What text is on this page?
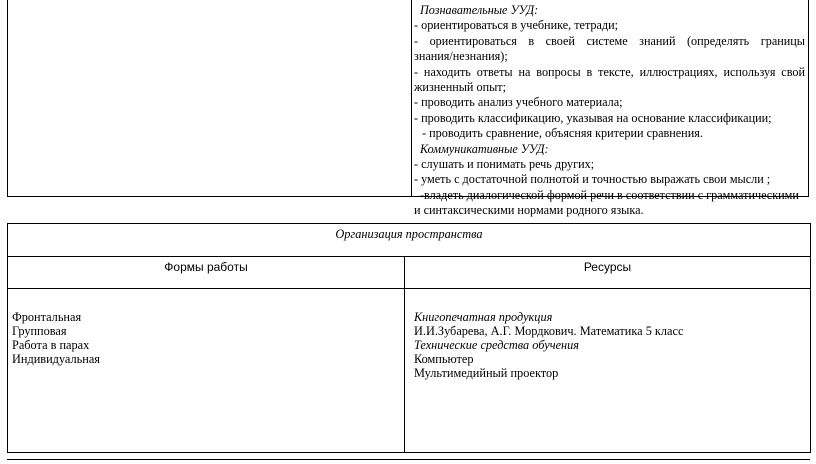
Познавательные УУД:
- ориентироваться в учебнике, тетради;
- ориентироваться в своей системе знаний (определять границы
знания/незнания);
- находить ответы на вопросы в тексте, иллюстрациях, используя свой
жизненный опыт;
- проводить анализ учебного материала;
- проводить классификацию, указывая на основание классификации;
- проводить сравнение, объясняя критерии сравнения.
Коммуникативные УУД:
- слушать и понимать речь других;
- уметь с достаточной полнотой и точностью выражать свои мысли ;
-владеть диалогической формой речи в соответствии с грамматическими
и синтаксическими нормами родного языка.
Организация пространства
Формы работы	Ресурсы
Фронтальная
Групповая
Работа в парах
Индивидуальная
Книгопечатная продукция
И.И.Зубарева, А.Г. Мордкович. Математика 5 класс
Технические средства обучения
Компьютер
Мультимедийный проектор
